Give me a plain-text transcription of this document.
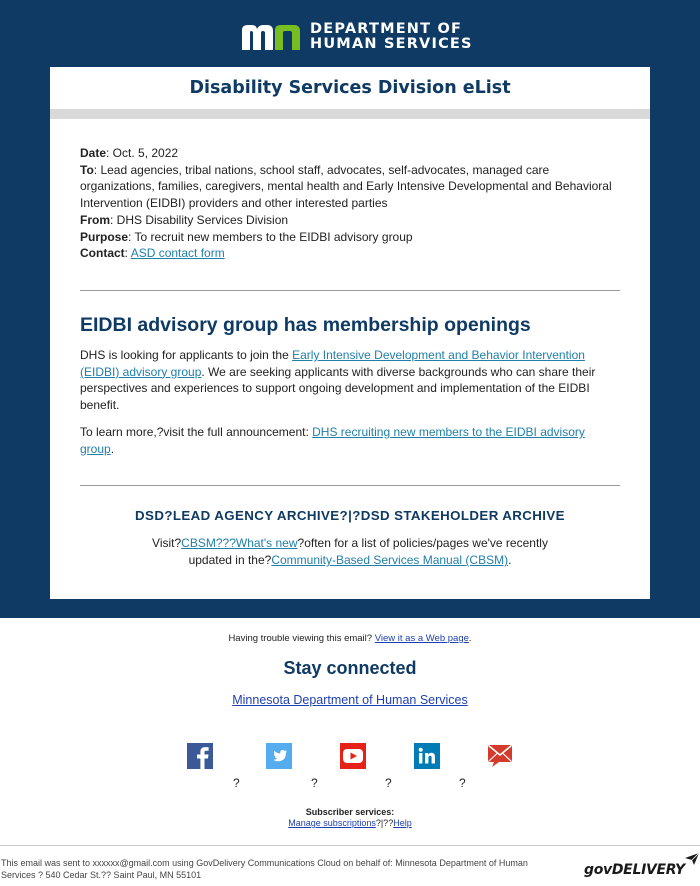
DEPARTMENT OF
HUMAN SERVICES
Disability Services Division eList
Date: Oct. 5, 2022
To: Lead agencies, tribal nations, school staff, advocates, self-advocates, managed care organizations, families, caregivers, mental health and Early Intensive Developmental and Behavioral Intervention (EIDBI) providers and other interested parties
From: DHS Disability Services Division
Purpose: To recruit new members to the EIDBI advisory group
Contact: ASD contact form
EIDBI advisory group has membership openings
DHS is looking for applicants to join the Early Intensive Development and Behavior Intervention (EIDBI) advisory group. We are seeking applicants with diverse backgrounds who can share their perspectives and experiences to support ongoing development and implementation of the EIDBI benefit.
To learn more,?visit the full announcement: DHS recruiting new members to the EIDBI advisory group.
DSD?LEAD AGENCY ARCHIVE?|?DSD STAKEHOLDER ARCHIVE
Visit?CBSM???What's new?often for a list of policies/pages we've recently updated in the?Community-Based Services Manual (CBSM).
Having trouble viewing this email? View it as a Web page.
Stay connected
Minnesota Department of Human Services
?	?	?	?
Subscriber services:
Manage subscriptions?|??Help
This email was sent to xxxxxx@gmail.com using GovDelivery Communications Cloud on behalf of: Minnesota Department of Human Services ? 540 Cedar St.?? Saint Paul, MN 55101	govDELIVERY
